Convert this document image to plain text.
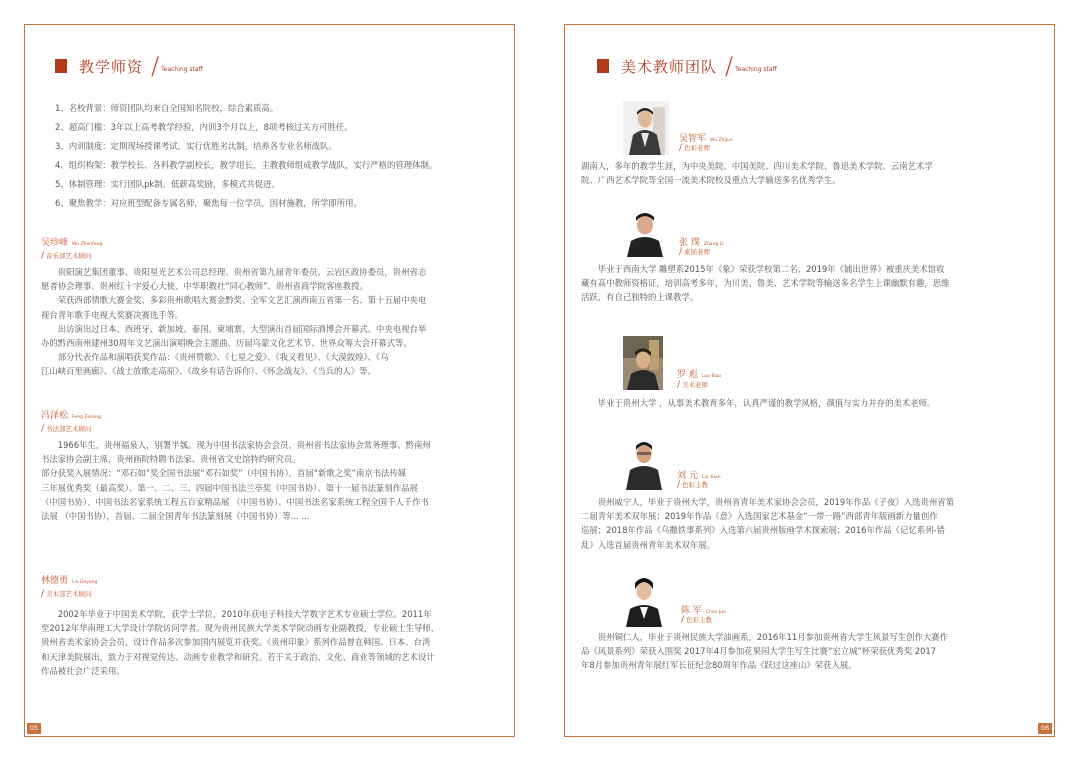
教学师资 / Teaching staff
1、名校背景：师资团队均来自全国知名院校，综合素质高。
2、超高门槛：3年以上高考教学经验，内训3个月以上，8项考核过关方可胜任。
3、内训制度：定期现场授课考试，实行优胜劣汰制，培养各专业名师战队。
4、组织构架：教学校长、各科教学副校长，教学组长，主教教师组成教学战队，实行严格的管理体制。
5、体制管理：实行团队pk制，低薪高奖励，多模式共促进。
6、聚焦教学：对应班型配备专属名师，聚焦每一位学员，因材施教，所学即所用。
吴珍峰 Wu Zhenfeng
/ 音乐部艺术顾问
　　贵阳演艺集团董事、贵阳星光艺术公司总经理、贵州省第九届青年委员、云岩区政协委员，贵州省志
愿者协会理事、贵州红十字爱心大使、中华职教社“同心教师”、贵州省商学院客座教授。
　　荣获西部情歌大赛金奖、多彩贵州歌唱大赛金黔奖、全军文艺汇演西南五省第一名、第十五届中央电
视台青年歌手电视大奖赛决赛选手等。
　　出访演出过日本、西班牙、新加坡、泰国、柬埔寨、大型演出首届国际酒博会开幕式、中央电视台举
办的黔西南州建州30周年文艺演出演唱晚会主题曲、历届乌蒙文化艺术节、世界众筹大会开幕式等。
　　部分代表作品和演唱获奖作品：《贵州赞歌》、《七星之爱》、《我又看见》、《大漠敦煌》、《乌
江山峡百里画廊》、《战士放歌走高原》、《故乡有话告诉你》、《怀念战友》、《当兵的人》等。
冯泽松 Feng Zesong
/ 书法部艺术顾问
　　1966年生，贵州福泉人，别署半瓠。现为中国书法家协会会员、贵州省书法家协会常务理事、黔南州
书法家协会副主席，贵州画院特聘书法家、贵州省文史馆特约研究员。
部分获奖入展情况：“邓石如”奖全国书法展“邓石如奖”（中国书协），首届“新歌之奖”南京书法传媒
三年展优秀奖（最高奖）、第一、二、三、四届中国书法兰亭奖（中国书协）、第十一届书法篆刻作品展
（中国书协）、中国书法名家系统工程五百家精品展 （中国书协）、中国书法名家系统工程全国千人千作书
法展 （中国书协），首届、二届全国青年书法篆刻展（中国书协）等... ...
林德勇 Lin Deyong
/ 美术部艺术顾问
　　2002年毕业于中国美术学院，获学士学位，2010年获电子科技大学数字艺术专业硕士学位。2011年
至2012年华南理工大学设计学院访问学者。现为贵州民族大学美术学院动画专业副教授，专业硕士生导师，
贵州省美术家协会会员。设计作品多次参加国内展览并获奖。《贵州印象》系列作品曾在韩国、日本、台湾
和天津美院展出，致力于对视觉传达、动画专业教学和研究。若干关于政治、文化、商业等领域的艺术设计
作品被社会广泛采用。
05
美术教师团队 / Teaching staff
吴智军 Wu Zhijun
/ 色彩老师
湖南人，多年的教学生涯，为中央美院、中国美院、四川美术学院、鲁迅美术学院、云南艺术学
院、广西艺术学院等全国一流美术院校及重点大学输送多名优秀学生。
张 璞 Zhang Li
/ 素描老师
　　毕业于西南大学 雕塑系2015年《象》荣获学校第二名、2019年《铺出世界》被重庆美术馆收
藏有高中教师资格证，培训高考多年，为川美、鲁美、艺术学院等输送多名学生上课幽默有趣，思维
活跃，有自己独特的上课教学。
罗 彪 Luo Biao
/ 美术老师
　　毕业于贵州大学 ，从事美术教育多年，认真严谨的教学风格，颜值与实力并存的美术老师。
刘 元 Liu Yuan
/ 色彩主教
　　贵州威宁人，毕业于贵州大学，贵州省青年美术家协会会员，2019年作品《子夜》入选贵州省第
二届青年美术双年展；2019年作品《意》入选国家艺术基金“一带一路”西部青年版画新力量创作
巡展；2018年作品《乌撒铁事系列》入选第六届贵州版画学术探索展；2016年作品《记忆系列-错
乱》入选首届贵州青年美术双年展。
陈 军 Chen Jun
/ 色彩主教
　　贵州铜仁人，毕业于贵州民族大学油画系，2016年11月参加贵州省大学生风景写生创作大赛作
品《风景系列》荣获入围奖 2017年4月参加花果园大学生写生比赛“宏立城”杯荣获优秀奖 2017
年8月参加贵州青年展红军长征纪念80周年作品《跃过这座山》荣获入展。
06
